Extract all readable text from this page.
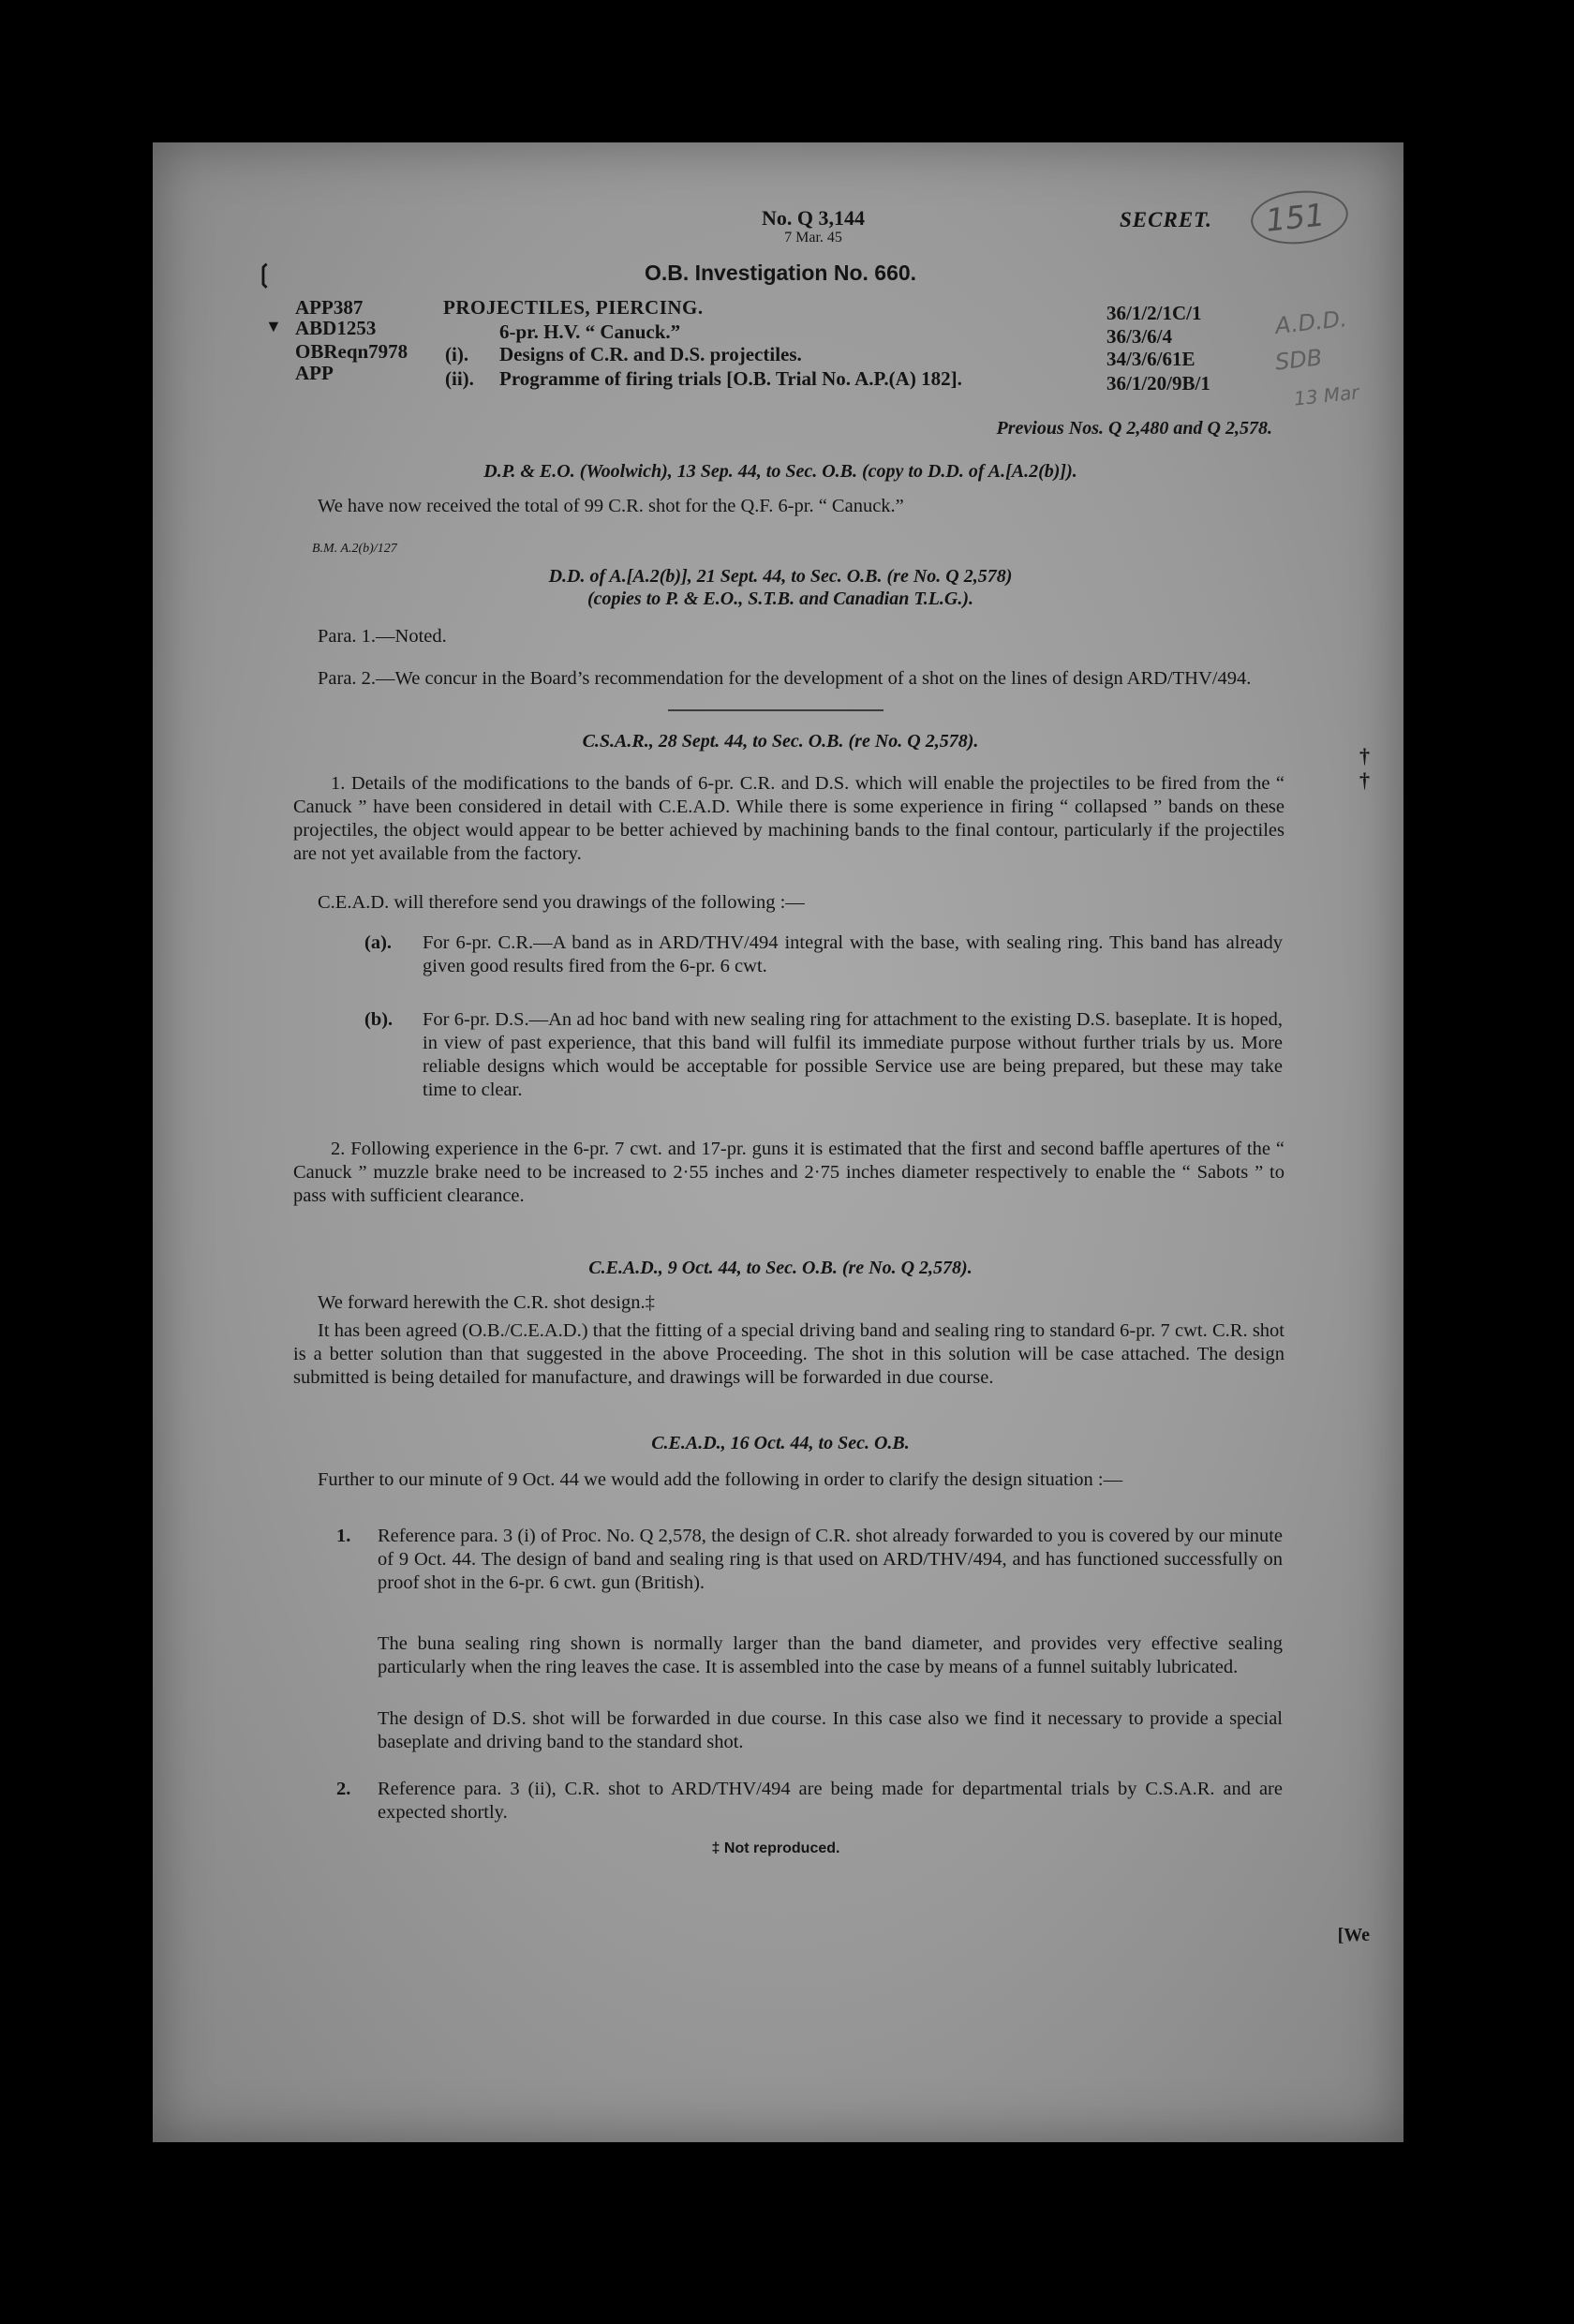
No. Q 3,144
7 Mar. 45
SECRET. 151
O.B. Investigation No. 660.
❲
APP387	PROJECTILES, PIERCING.	36/1/2/1C/1
▼ ABD1253	6-pr. H.V. “ Canuck.”	36/3/6/4
OBReqn7978 (i). Designs of C.R. and D.S. projectiles.	34/3/6/61E
APP	(ii). Programme of firing trials [O.B. Trial No. A.P.(A) 182].	36/1/20/9B/1
A.D.D.
SDB
13 Mar
Previous Nos. Q 2,480 and Q 2,578.
D.P. & E.O. (Woolwich), 13 Sep. 44, to Sec. O.B. (copy to D.D. of A.[A.2(b)]).
We have now received the total of 99 C.R. shot for the Q.F. 6-pr. “ Canuck.”
B.M. A.2(b)/127
D.D. of A.[A.2(b)], 21 Sept. 44, to Sec. O.B. (re No. Q 2,578)
(copies to P. & E.O., S.T.B. and Canadian T.L.G.).
Para. 1.—Noted.
Para. 2.—We concur in the Board’s recommendation for the development of a shot on the lines of design ARD/THV/494.
C.S.A.R., 28 Sept. 44, to Sec. O.B. (re No. Q 2,578).
1. Details of the modifications to the bands of 6-pr. C.R. and D.S. which will enable the projectiles to be fired from the “ Canuck ” have been considered in detail with C.E.A.D. While there is some experience in firing “ collapsed ” bands on these projectiles, the object would appear to be better achieved by machining bands to the final contour, particularly if the projectiles are not yet available from the factory.
C.E.A.D. will therefore send you drawings of the following :—
(a). For 6-pr. C.R.—A band as in ARD/THV/494 integral with the base, with sealing ring. This band has already given good results fired from the 6-pr. 6 cwt.
(b). For 6-pr. D.S.—An ad hoc band with new sealing ring for attachment to the existing D.S. baseplate. It is hoped, in view of past experience, that this band will fulfil its immediate purpose without further trials by us. More reliable designs which would be acceptable for possible Service use are being prepared, but these may take time to clear.
2. Following experience in the 6-pr. 7 cwt. and 17-pr. guns it is estimated that the first and second baffle apertures of the “ Canuck ” muzzle brake need to be increased to 2·55 inches and 2·75 inches diameter respectively to enable the “ Sabots ” to pass with sufficient clearance.
†
†
C.E.A.D., 9 Oct. 44, to Sec. O.B. (re No. Q 2,578).
We forward herewith the C.R. shot design.‡
It has been agreed (O.B./C.E.A.D.) that the fitting of a special driving band and sealing ring to standard 6-pr. 7 cwt. C.R. shot is a better solution than that suggested in the above Proceeding. The shot in this solution will be case attached. The design submitted is being detailed for manufacture, and drawings will be forwarded in due course.
C.E.A.D., 16 Oct. 44, to Sec. O.B.
Further to our minute of 9 Oct. 44 we would add the following in order to clarify the design situation :—
1. Reference para. 3 (i) of Proc. No. Q 2,578, the design of C.R. shot already forwarded to you is covered by our minute of 9 Oct. 44. The design of band and sealing ring is that used on ARD/THV/494, and has functioned successfully on proof shot in the 6-pr. 6 cwt. gun (British).
The buna sealing ring shown is normally larger than the band diameter, and provides very effective sealing particularly when the ring leaves the case. It is assembled into the case by means of a funnel suitably lubricated.
The design of D.S. shot will be forwarded in due course. In this case also we find it necessary to provide a special baseplate and driving band to the standard shot.
2. Reference para. 3 (ii), C.R. shot to ARD/THV/494 are being made for departmental trials by C.S.A.R. and are expected shortly.
‡ Not reproduced.
[We
